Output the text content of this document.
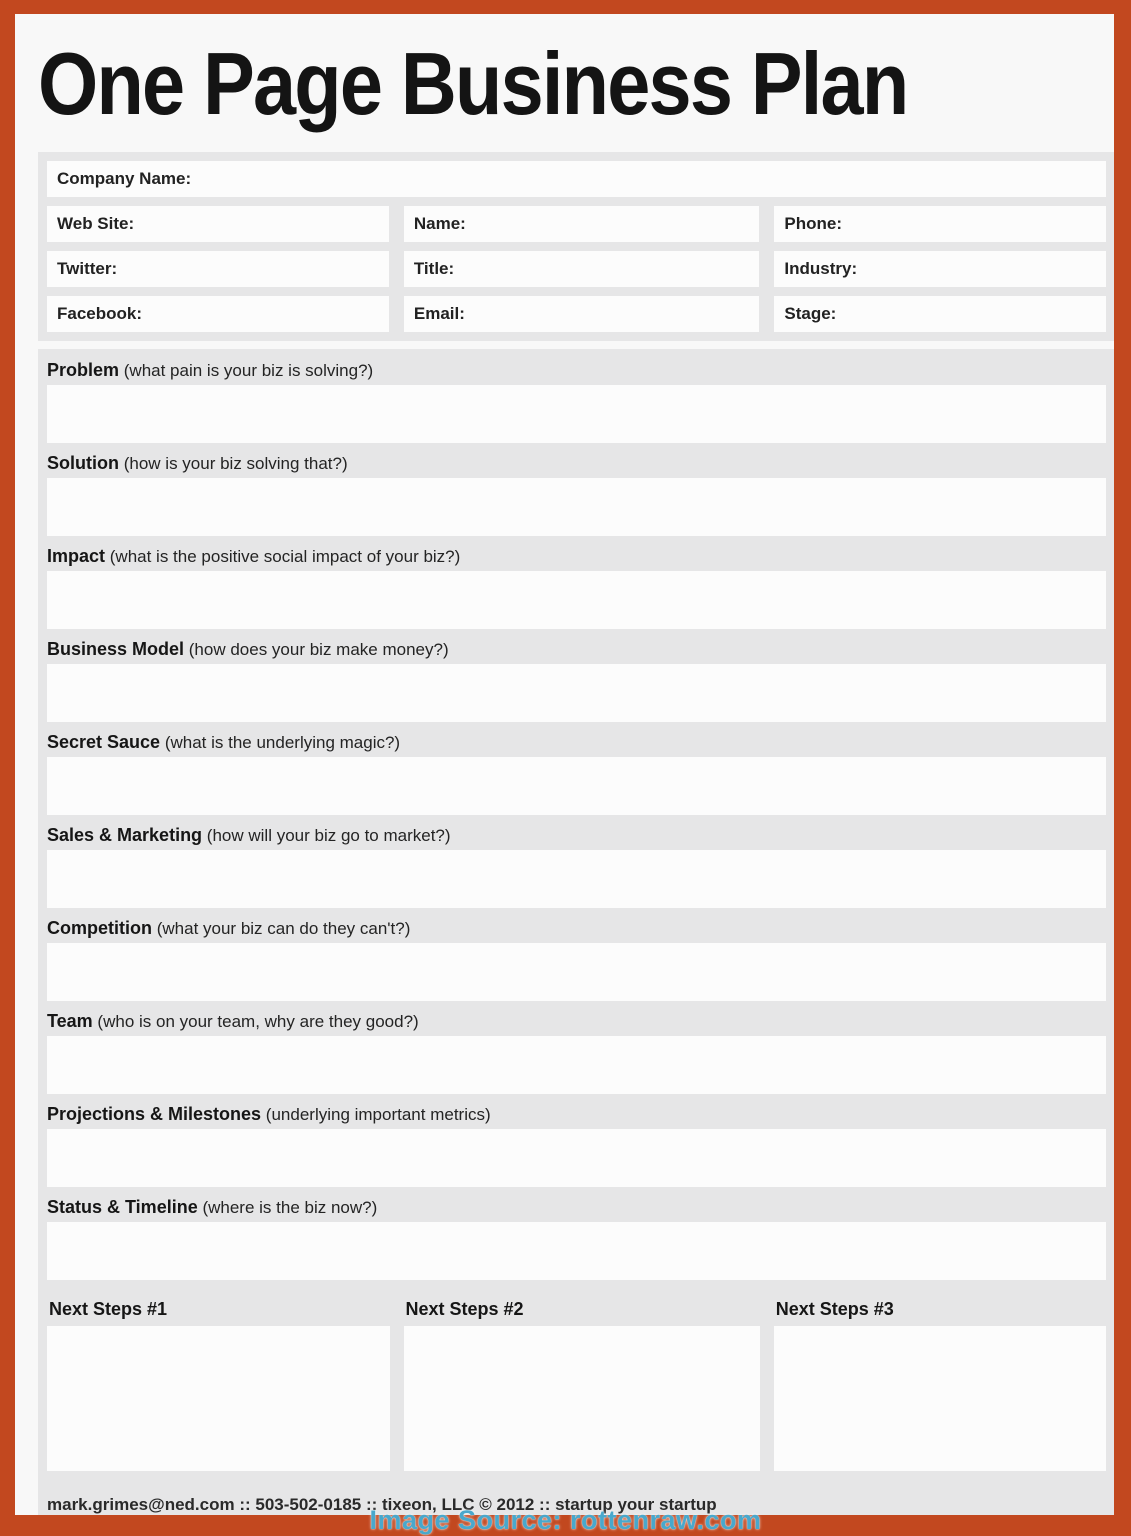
One Page Business Plan
Company Name:
Web Site:	Name:	Phone:
Twitter:	Title:	Industry:
Facebook:	Email:	Stage:
Problem (what pain is your biz is solving?)
Solution (how is your biz solving that?)
Impact (what is the positive social impact of your biz?)
Business Model (how does your biz make money?)
Secret Sauce (what is the underlying magic?)
Sales & Marketing (how will your biz go to market?)
Competition (what your biz can do they can't?)
Team (who is on your team, why are they good?)
Projections & Milestones (underlying important metrics)
Status & Timeline (where is the biz now?)
Next Steps #1	Next Steps #2	Next Steps #3
mark.grimes@ned.com :: 503-502-0185 :: tixeon, LLC © 2012 :: startup your startup
Image Source: rottenraw.com
